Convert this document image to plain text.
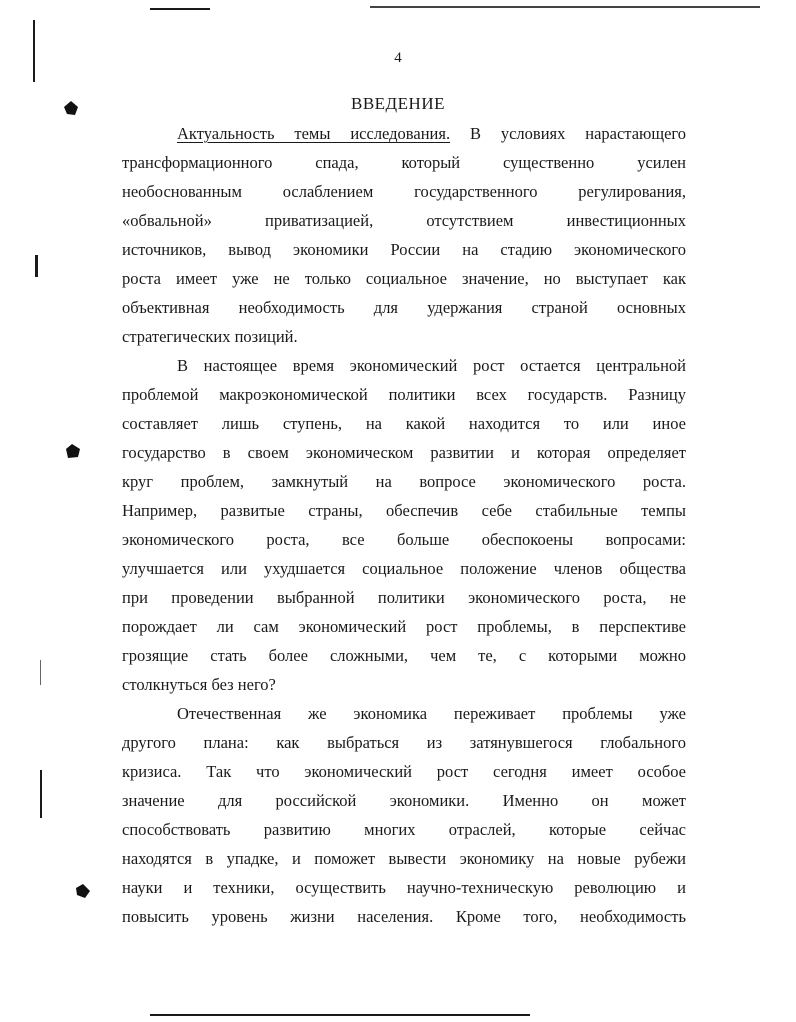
4
ВВЕДЕНИЕ
Актуальность темы исследования. В условиях нарастающего
трансформационного спада, который существенно усилен
необоснованным ослаблением государственного регулирования,
«обвальной» приватизацией, отсутствием инвестиционных
источников, вывод экономики России на стадию экономического
роста имеет уже не только социальное значение, но выступает как
объективная необходимость для удержания страной основных
стратегических позиций.
В настоящее время экономический рост остается центральной
проблемой макроэкономической политики всех государств. Разницу
составляет лишь ступень, на какой находится то или иное
государство в своем экономическом развитии и которая определяет
круг проблем, замкнутый на вопросе экономического роста.
Например, развитые страны, обеспечив себе стабильные темпы
экономического роста, все больше обеспокоены вопросами:
улучшается или ухудшается социальное положение членов общества
при проведении выбранной политики экономического роста, не
порождает ли сам экономический рост проблемы, в перспективе
грозящие стать более сложными, чем те, с которыми можно
столкнуться без него?
Отечественная же экономика переживает проблемы уже
другого плана: как выбраться из затянувшегося глобального
кризиса. Так что экономический рост сегодня имеет особое
значение для российской экономики. Именно он может
способствовать развитию многих отраслей, которые сейчас
находятся в упадке, и поможет вывести экономику на новые рубежи
науки и техники, осуществить научно-техническую революцию и
повысить уровень жизни населения. Кроме того, необходимость
